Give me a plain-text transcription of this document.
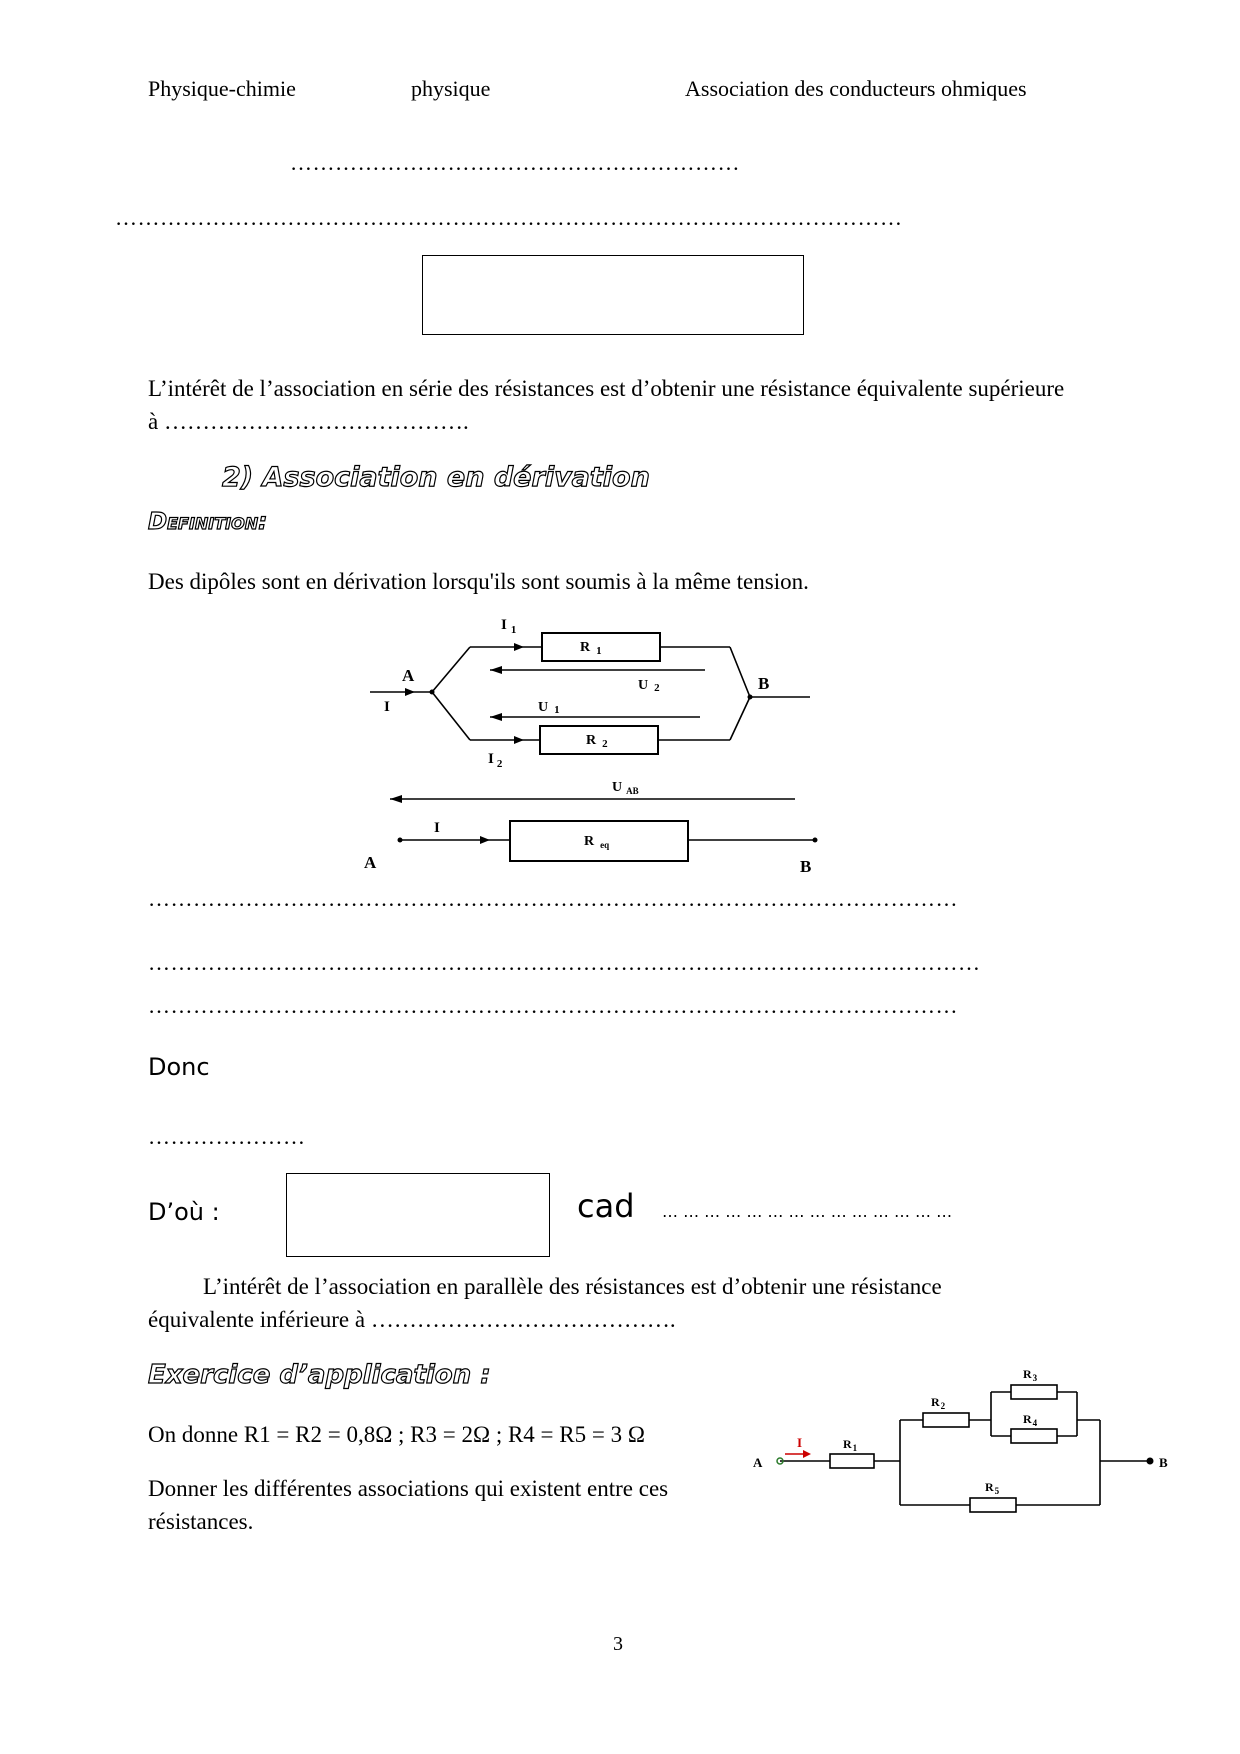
Physique-chimie	physique	Association des conducteurs ohmiques
……………………………………………………
……………………………………………………………………………………………
L’intérêt de l’association en série des résistances est d’obtenir une résistance équivalente supérieure à ………………………………….
2) Association en dérivation
Definition:
Des dipôles sont en dérivation lorsqu'ils sont soumis à la même tension.
A	B
I
I $_1$
I $_2$
R $_1$
R $_2$
U 2
U 1
U $_{AB}$
R $_{eq}$
I
A	B
………………………………………………………………………………………………
…………………………………………………………………………………………………
………………………………………………………………………………………………
Donc
…………………
D’où :	cad … … … … … … … … … … … … … …
L’intérêt de l’association en parallèle des résistances est d’obtenir une résistance équivalente inférieure à ………………………………….
Exercice d’application :
On donne R1 = R2 = 0,8Ω ; R3 = 2Ω ; R4 = R5 = 3 Ω
Donner les différentes associations qui existent entre ces résistances.
A	B
I	$R_1$
$R_2$
$R_3$
$R_4$
$R_5$
3
